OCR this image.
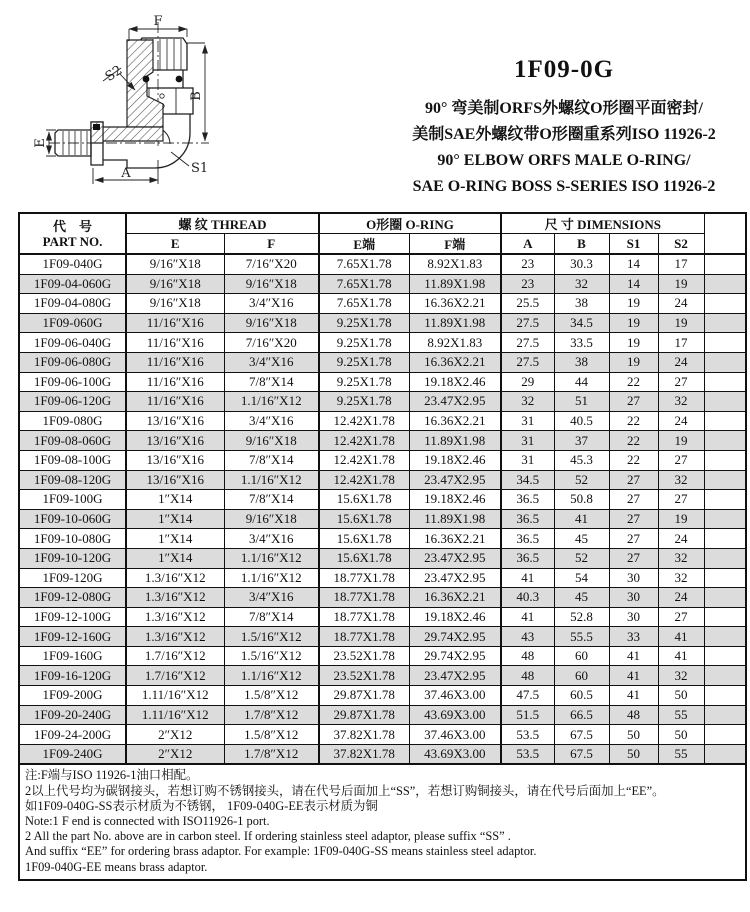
F
B
E
A	S1
S2	1F09-0G
90° 弯美制ORFS外螺纹O形圈平面密封/
美制SAE外螺纹带O形圈重系列ISO 11926-2
90° ELBOW ORFS MALE O-RING/
SAE O-RING BOSS S-SERIES ISO 11926-2
代　号
PART NO.	螺 纹 THREAD		O形圈 O-RING		尺 寸 DIMENSIONS				
	E	F	E端	F端	A	B	S1	S2	
1F09-040G	9/16″X18	7/16″X20	7.65X1.78	8.92X1.83	23	30.3	14	17	
1F09-04-060G	9/16″X18	9/16″X18	7.65X1.78	11.89X1.98	23	32	14	19	
1F09-04-080G	9/16″X18	3/4″X16	7.65X1.78	16.36X2.21	25.5	38	19	24	
1F09-060G	11/16″X16	9/16″X18	9.25X1.78	11.89X1.98	27.5	34.5	19	19	
1F09-06-040G	11/16″X16	7/16″X20	9.25X1.78	8.92X1.83	27.5	33.5	19	17	
1F09-06-080G	11/16″X16	3/4″X16	9.25X1.78	16.36X2.21	27.5	38	19	24	
1F09-06-100G	11/16″X16	7/8″X14	9.25X1.78	19.18X2.46	29	44	22	27	
1F09-06-120G	11/16″X16	1.1/16″X12	9.25X1.78	23.47X2.95	32	51	27	32	
1F09-080G	13/16″X16	3/4″X16	12.42X1.78	16.36X2.21	31	40.5	22	24	
1F09-08-060G	13/16″X16	9/16″X18	12.42X1.78	11.89X1.98	31	37	22	19	
1F09-08-100G	13/16″X16	7/8″X14	12.42X1.78	19.18X2.46	31	45.3	22	27	
1F09-08-120G	13/16″X16	1.1/16″X12	12.42X1.78	23.47X2.95	34.5	52	27	32	
1F09-100G	1″X14	7/8″X14	15.6X1.78	19.18X2.46	36.5	50.8	27	27	
1F09-10-060G	1″X14	9/16″X18	15.6X1.78	11.89X1.98	36.5	41	27	19	
1F09-10-080G	1″X14	3/4″X16	15.6X1.78	16.36X2.21	36.5	45	27	24	
1F09-10-120G	1″X14	1.1/16″X12	15.6X1.78	23.47X2.95	36.5	52	27	32	
1F09-120G	1.3/16″X12	1.1/16″X12	18.77X1.78	23.47X2.95	41	54	30	32	
1F09-12-080G	1.3/16″X12	3/4″X16	18.77X1.78	16.36X2.21	40.3	45	30	24	
1F09-12-100G	1.3/16″X12	7/8″X14	18.77X1.78	19.18X2.46	41	52.8	30	27	
1F09-12-160G	1.3/16″X12	1.5/16″X12	18.77X1.78	29.74X2.95	43	55.5	33	41	
1F09-160G	1.7/16″X12	1.5/16″X12	23.52X1.78	29.74X2.95	48	60	41	41	
1F09-16-120G	1.7/16″X12	1.1/16″X12	23.52X1.78	23.47X2.95	48	60	41	32	
1F09-200G	1.11/16″X12	1.5/8″X12	29.87X1.78	37.46X3.00	47.5	60.5	41	50	
1F09-20-240G	1.11/16″X12	1.7/8″X12	29.87X1.78	43.69X3.00	51.5	66.5	48	55	
1F09-24-200G	2″X12	1.5/8″X12	37.82X1.78	37.46X3.00	53.5	67.5	50	50	
1F09-240G	2″X12	1.7/8″X12	37.82X1.78	43.69X3.00	53.5	67.5	50	55	

注:F端与ISO 11926-1油口相配。
2以上代号均为碳钢接头，若想订购不锈钢接头，请在代号后面加上“SS”，若想订购铜接头，请在代号后面加上“EE”。
如1F09-040G-SS表示材质为不锈钢， 1F09-040G-EE表示材质为铜
Note:1 F end is connected with ISO11926-1 port.
2 All the part No. above are in carbon steel. If ordering stainless steel adaptor, please suffix “SS” .
And suffix “EE” for ordering brass adaptor. For example: 1F09-040G-SS means stainless steel adaptor.
1F09-040G-EE means brass adaptor.
